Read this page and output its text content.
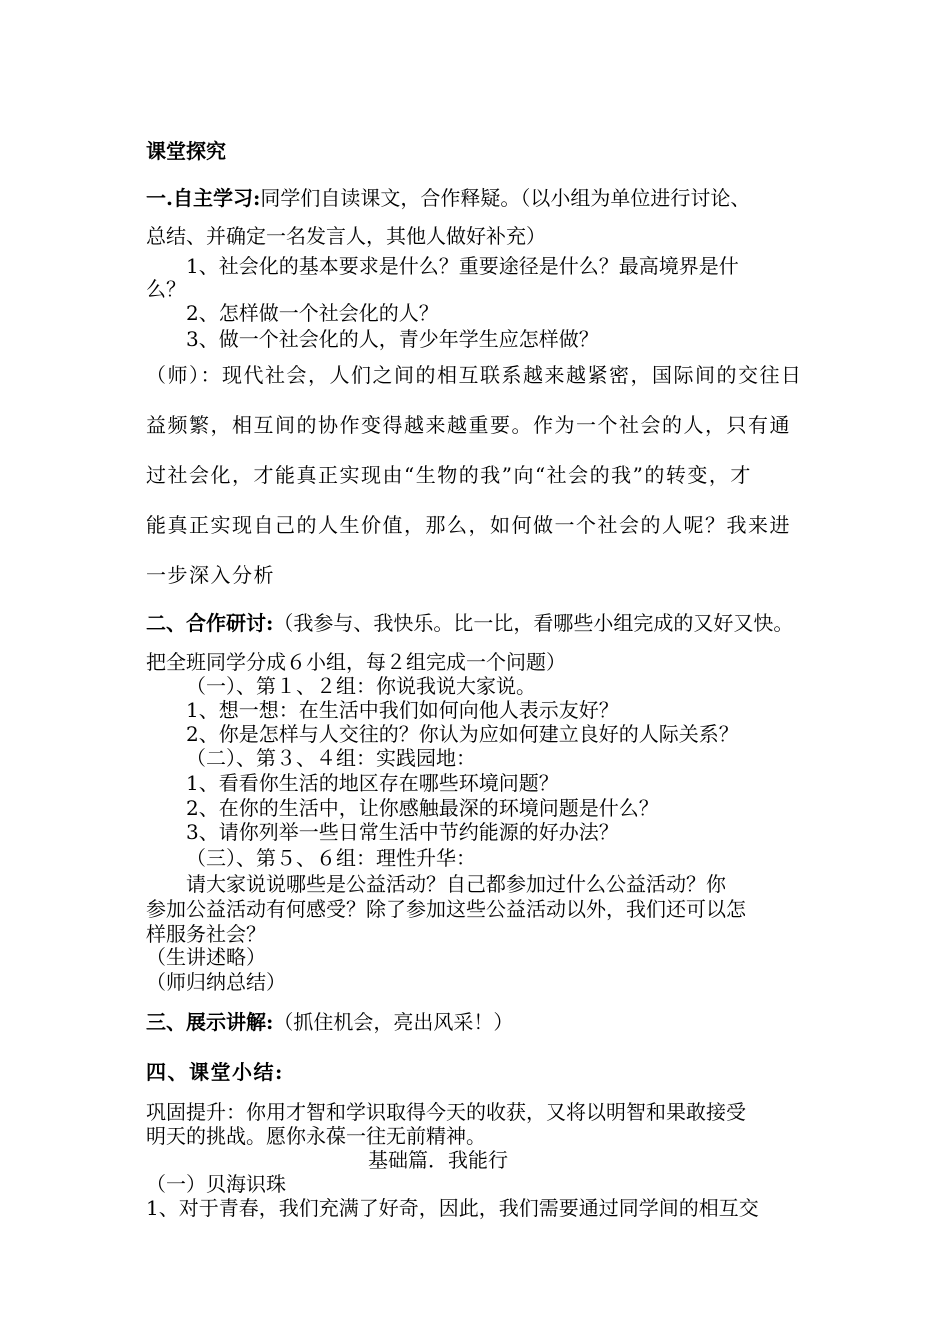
课堂探究
一.自主学习:同学们自读课文，合作释疑。（以小组为单位进行讨论、
总结、并确定一名发言人，其他人做好补充）
1、社会化的基本要求是什么？重要途径是什么？最高境界是什
么？
2、怎样做一个社会化的人？
3、做一个社会化的人，青少年学生应怎样做？
（师）：现代社会，人们之间的相互联系越来越紧密，国际间的交往日
益频繁，相互间的协作变得越来越重要。作为一个社会的人，只有通
过社会化，才能真正实现由“生物的我”向“社会的我”的转变，才
能真正实现自己的人生价值，那么，如何做一个社会的人呢？我来进
一步深入分析
二、合作研讨:（我参与、我快乐。比一比，看哪些小组完成的又好又快。
把全班同学分成６小组，每２组完成一个问题）
（一）、第１、２组：你说我说大家说。
1、想一想：在生活中我们如何向他人表示友好？
2、你是怎样与人交往的？你认为应如何建立良好的人际关系？
（二）、第３、４组：实践园地：
1、看看你生活的地区存在哪些环境问题？
2、在你的生活中，让你感触最深的环境问题是什么？
3、请你列举一些日常生活中节约能源的好办法？
（三）、第５、６组：理性升华：
请大家说说哪些是公益活动？自己都参加过什么公益活动？你
参加公益活动有何感受？除了参加这些公益活动以外，我们还可以怎
样服务社会？
（生讲述略）
（师归纳总结）
三、展示讲解:（抓住机会，亮出风采！）
四、课堂小结:
巩固提升：你用才智和学识取得今天的收获，又将以明智和果敢接受
明天的挑战。愿你永葆一往无前精神。
基础篇．我能行
（一）贝海识珠
1、对于青春，我们充满了好奇，因此，我们需要通过同学间的相互交
